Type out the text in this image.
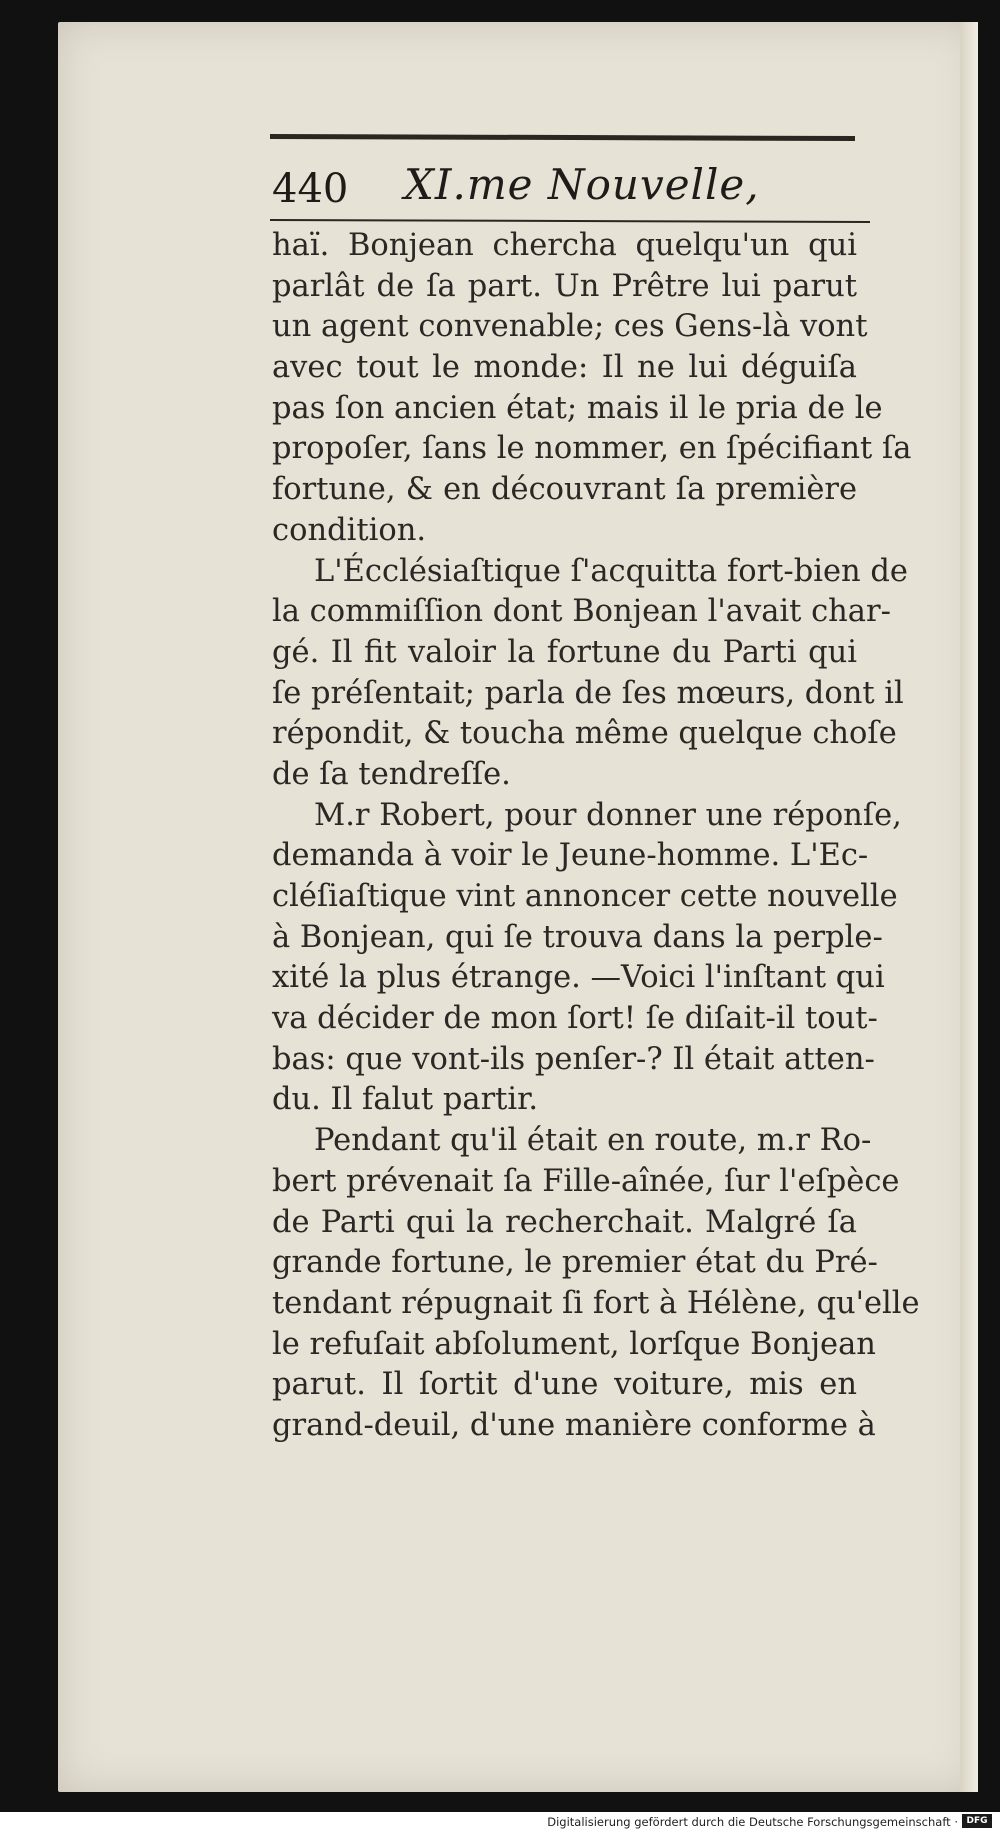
440 XI.me Nouvelle,
haï. Bonjean chercha quelqu'un qui
parlât de ſa part. Un Prêtre lui parut
un agent convenable; ces Gens-là vont
avec tout le monde: Il ne lui déguiſa
pas ſon ancien état; mais il le pria de le
propoſer, ſans le nommer, en ſpécifiant ſa
fortune, & en découvrant ſa première
condition.
L'Écclésiaſtique ſ'acquitta fort-bien de
la commiſſion dont Bonjean l'avait char-
gé. Il fit valoir la fortune du Parti qui
ſe préſentait; parla de ſes mœurs, dont il
répondit, & toucha même quelque choſe
de ſa tendreſſe.
M.r Robert, pour donner une réponſe,
demanda à voir le Jeune-homme. L'Ec-
cléſiaſtique vint annoncer cette nouvelle
à Bonjean, qui ſe trouva dans la perple-
xité la plus étrange. —Voici l'inſtant qui
va décider de mon ſort! ſe diſait-il tout-
bas: que vont-ils penſer-? Il était atten-
du. Il falut partir.
Pendant qu'il était en route, m.r Ro-
bert prévenait ſa Fille-aînée, ſur l'eſpèce
de Parti qui la recherchait. Malgré ſa
grande fortune, le premier état du Pré-
tendant répugnait ſi fort à Hélène, qu'elle
le refuſait abſolument, lorſque Bonjean
parut. Il ſortit d'une voiture, mis en
grand-deuil, d'une manière conforme à
Digitalisierung gefördert durch die Deutsche Forschungsgemeinschaft · DFG
